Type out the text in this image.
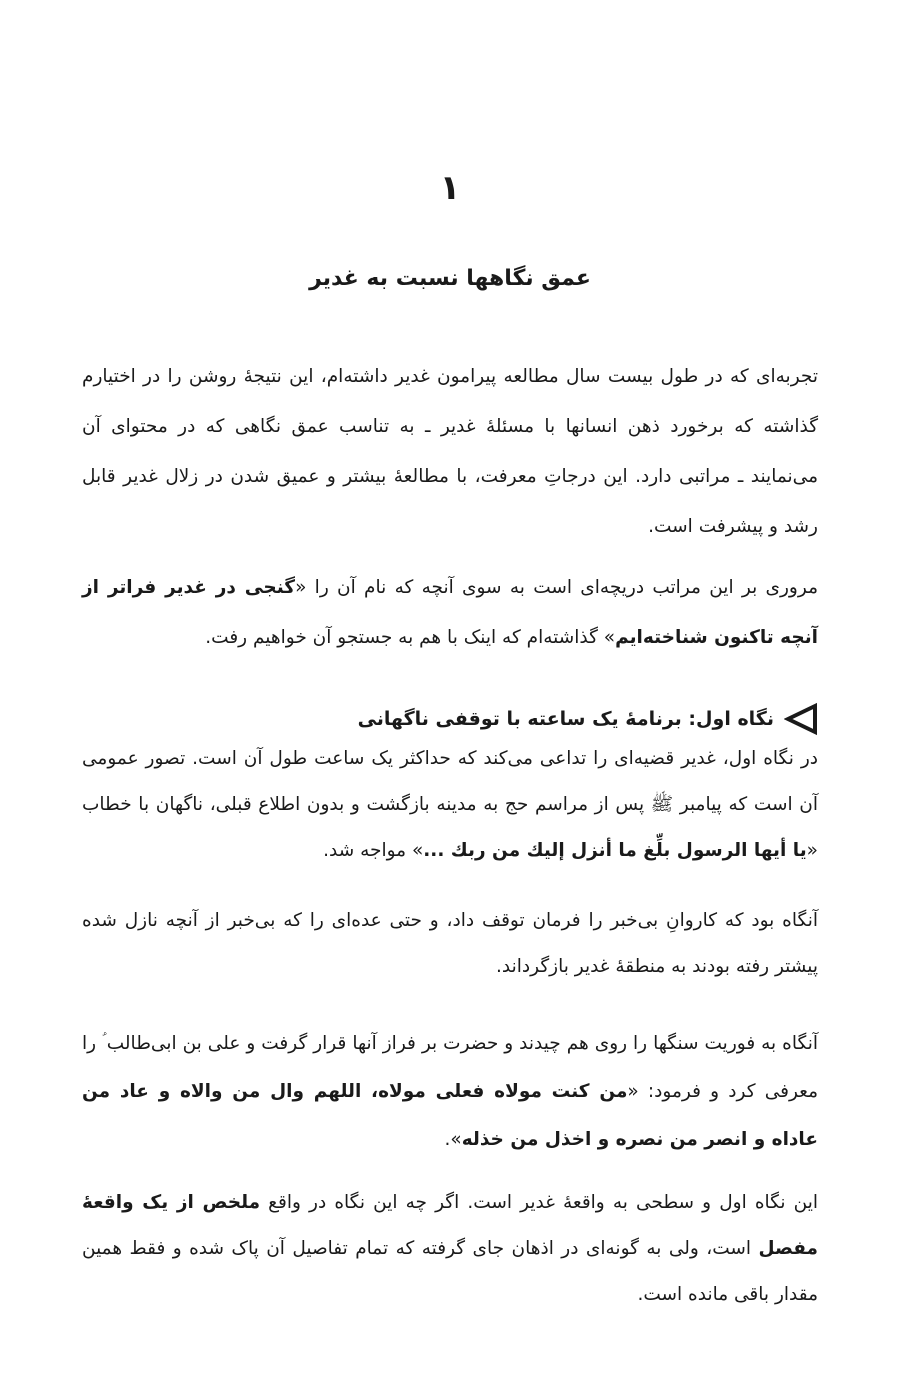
۱
عمق نگاهها نسبت به غدیر

تجربه‌ای که در طول بیست سال مطالعه پیرامون غدیر داشته‌ام، این نتیجهٔ روشن را در اختیارم گذاشته که برخورد ذهن انسانها با مسئلهٔ غدیر ـ به تناسب عمق نگاهی که در محتوای آن می‌نمایند ـ مراتبی دارد. این درجاتِ معرفت، با مطالعهٔ بیشتر و عمیق شدن در زلال غدیر قابل رشد و پیشرفت است.

مروری بر این مراتب دریچه‌ای است به سوی آنچه که نام آن را «گنجی در غدیر فراتر از آنچه تاکنون شناخته‌ایم» گذاشته‌ام که اینک با هم به جستجو آن خواهیم رفت.

نگاه اول: برنامهٔ یک ساعته با توقفی ناگهانی

در نگاه اول، غدیر قضیه‌ای را تداعی می‌کند که حداکثر یک ساعت طول آن است. تصور عمومی آن است که پیامبر ﷺ پس از مراسم حج به مدینه بازگشت و بدون اطلاع قبلی، ناگهان با خطاب «یا أیها الرسول بلِّغ ما أنزل إلیك من ربك ...» مواجه شد.

آنگاه بود که کاروانِ بی‌خبر را فرمان توقف داد، و حتی عده‌ای را که بی‌خبر از آنچه نازل شده پیشتر رفته بودند به منطقهٔ غدیر بازگرداند.

آنگاه به فوریت سنگها را روی هم چیدند و حضرت بر فراز آنها قرار گرفت و علی بن ابی‌طالب ؑ را معرفی کرد و فرمود: «من کنت مولاه فعلی مولاه، اللهم وال من والاه و عاد من عاداه و انصر من نصره و اخذل من خذله».

این نگاه اول و سطحی به واقعهٔ غدیر است. اگر چه این نگاه در واقع ملخص از یک واقعهٔ مفصل است، ولی به گونه‌ای در اذهان جای گرفته که تمام تفاصیل آن پاک شده و فقط همین مقدار باقی مانده است.
